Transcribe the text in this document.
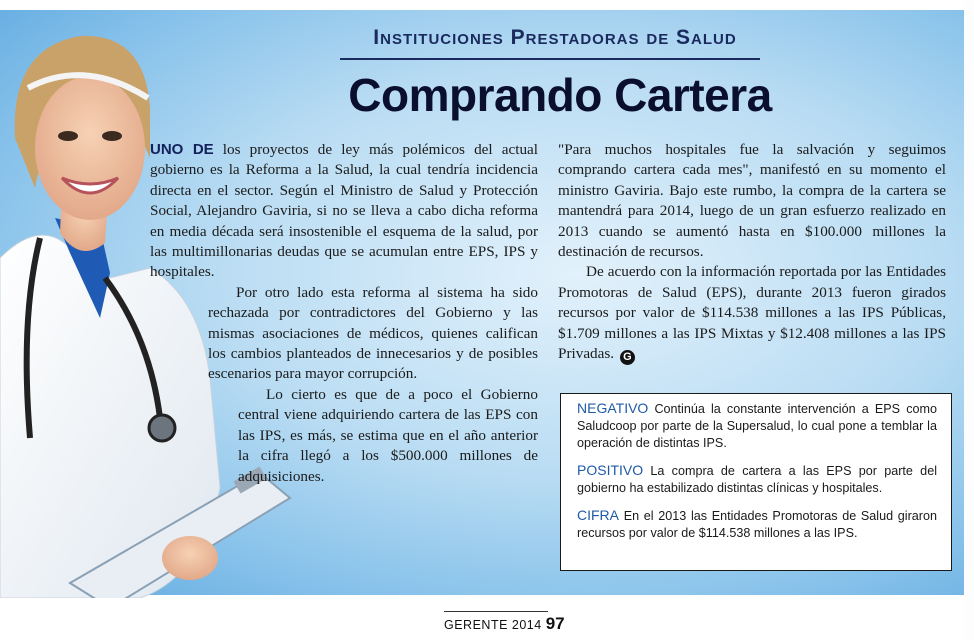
Instituciones Prestadoras de Salud
Comprando Cartera

UNO DE los proyectos de ley más polémicos del actual gobierno es la Reforma a la Salud, la cual tendría incidencia directa en el sector. Según el Ministro de Salud y Protección Social, Alejandro Gaviria, si no se lleva a cabo dicha reforma en media década será insostenible el esquema de la salud, por las multimillonarias deudas que se acumulan entre EPS, IPS y hospitales.

Por otro lado esta reforma al sistema ha sido rechazada por contradictores del Gobierno y las mismas asociaciones de médicos, quienes califican los cambios planteados de innecesarios y de posibles escenarios para mayor corrupción.

Lo cierto es que de a poco el Gobierno central viene adquiriendo cartera de las EPS con las IPS, es más, se estima que en el año anterior la cifra llegó a los $500.000 millones de adquisiciones.

"Para muchos hospitales fue la salvación y seguimos comprando cartera cada mes", manifestó en su momento el ministro Gaviria. Bajo este rumbo, la compra de la cartera se mantendrá para 2014, luego de un gran esfuerzo realizado en 2013 cuando se aumentó hasta en $100.000 millones la destinación de recursos.

De acuerdo con la información reportada por las Entidades Promotoras de Salud (EPS), durante 2013 fueron girados recursos por valor de $114.538 millones a las IPS Públicas, $1.709 millones a las IPS Mixtas y $12.408 millones a las IPS Privadas. G

NEGATIVO Continúa la constante intervención a EPS como Saludcoop por parte de la Supersalud, lo cual pone a temblar la operación de distintas IPS.

POSITIVO La compra de cartera a las EPS por parte del gobierno ha estabilizado distintas clínicas y hospitales.

CIFRA En el 2013 las Entidades Promotoras de Salud giraron recursos por valor de $114.538 millones a las IPS.

GERENTE 2014 97
